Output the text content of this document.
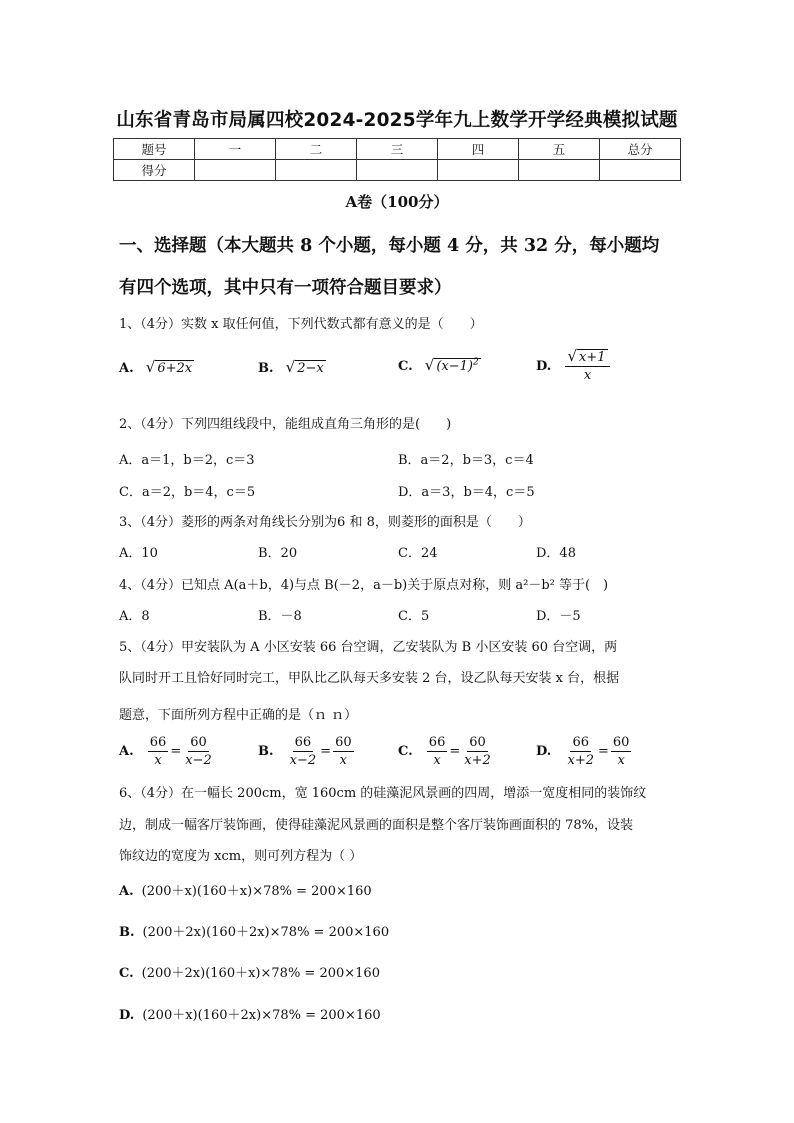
山东省青岛市局属四校2024-2025学年九上数学开学经典模拟试题
题号	一	二	三	四	五	总分
得分						
A卷（100分）
一、选择题（本大题共 8 个小题，每小题 4 分，共 32 分，每小题均
有四个选项，其中只有一项符合题目要求）
1、（4分）实数 x 取任何值，下列代数式都有意义的是（　　）
A. √ 6+2x	B. √ 2−x	C. √ $(x-1)^2$	D. $\frac{√ x+1}{x}$
2、（4分）下列四组线段中，能组成直角三角形的是(　　)
A．a＝1，b＝2，c＝3	B．a＝2，b＝3，c＝4
C．a＝2，b＝4，c＝5	D．a＝3，b＝4，c＝5
3、（4分）菱形的两条对角线长分别为6 和 8，则菱形的面积是（　　）
A．10	B．20	C．24	D．48
4、（4分）已知点 A(a＋b，4)与点 B(－2，a－b)关于原点对称，则 a²－b² 等于(　)
A．8	B．－8	C．5	D．－5
5、（4分）甲安装队为 A 小区安装 66 台空调，乙安装队为 B 小区安装 60 台空调，两
队同时开工且恰好同时完工，甲队比乙队每天多安装 2 台，设乙队每天安装 x 台，根据
题意，下面所列方程中正确的是（ｎ ｎ）
A. $\frac{66}{x} = \frac{60}{x-2}$	B. $\frac{66}{x-2} = \frac{60}{x}$	C. $\frac{66}{x} = \frac{60}{x+2}$	D. $\frac{66}{x+2} = \frac{60}{x}$
6、（4分）在一幅长 200cm，宽 160cm 的硅藻泥风景画的四周，增添一宽度相同的装饰纹
边，制成一幅客厅装饰画，使得硅藻泥风景画的面积是整个客厅装饰画面积的 78%，设装
饰纹边的宽度为 xcm，则可列方程为（ ）
A. (200＋x)(160＋x)×78% = 200×160
B. (200＋2x)(160＋2x)×78% = 200×160
C. (200＋2x)(160＋x)×78% = 200×160
D. (200＋x)(160＋2x)×78% = 200×160
